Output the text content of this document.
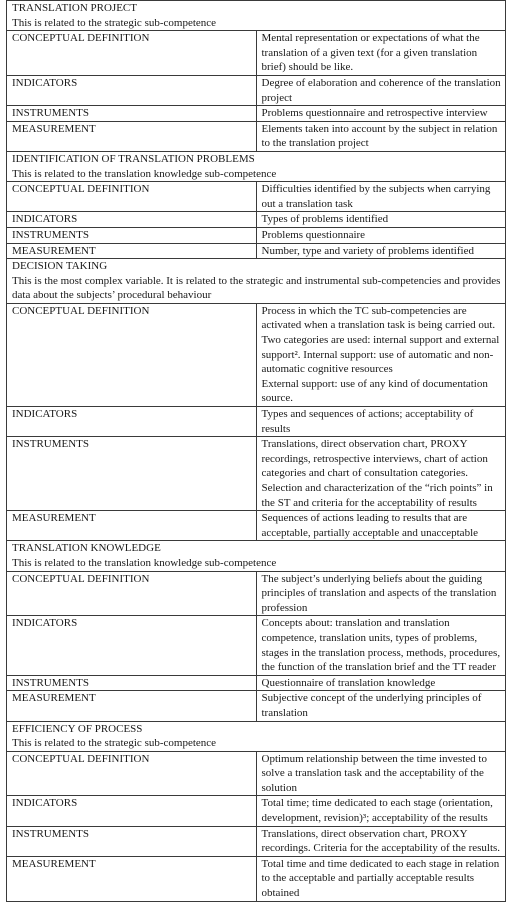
TRANSLATION PROJECT
This is related to the strategic sub-competence	

CONCEPTUAL DEFINITION	Mental representation or expectations of what the translation of a given text (for a given translation brief) should be like.
INDICATORS	Degree of elaboration and coherence of the translation project
INSTRUMENTS	Problems questionnaire and retrospective interview
MEASUREMENT	Elements taken into account by the subject in relation to the translation project

IDENTIFICATION OF TRANSLATION PROBLEMS
This is related to the translation knowledge sub-competence	

CONCEPTUAL DEFINITION	Difficulties identified by the subjects when carrying out a translation task
INDICATORS	Types of problems identified
INSTRUMENTS	Problems questionnaire
MEASUREMENT	Number, type and variety of problems identified

DECISION TAKING
This is the most complex variable. It is related to the strategic and instrumental sub-competencies and provides data about the subjects’ procedural behaviour	

CONCEPTUAL DEFINITION	Process in which the TC sub-competencies are activated when a translation task is being carried out. Two categories are used: internal support and external support². Internal support: use of automatic and non-automatic cognitive resources
External support: use of any kind of documentation source.
INDICATORS	Types and sequences of actions; acceptability of results
INSTRUMENTS	Translations, direct observation chart, PROXY recordings, retrospective interviews, chart of action categories and chart of consultation categories. Selection and characterization of the “rich points” in the ST and criteria for the acceptability of results
MEASUREMENT	Sequences of actions leading to results that are acceptable, partially acceptable and unacceptable

TRANSLATION KNOWLEDGE
This is related to the translation knowledge sub-competence	

CONCEPTUAL DEFINITION	The subject’s underlying beliefs about the guiding principles of translation and aspects of the translation profession
INDICATORS	Concepts about: translation and translation competence, translation units, types of problems, stages in the translation process, methods, procedures, the function of the translation brief and the TT reader
INSTRUMENTS	Questionnaire of translation knowledge
MEASUREMENT	Subjective concept of the underlying principles of translation

EFFICIENCY OF PROCESS
This is related to the strategic sub-competence	

CONCEPTUAL DEFINITION	Optimum relationship between the time invested to solve a translation task and the acceptability of the solution
INDICATORS	Total time; time dedicated to each stage (orientation, development, revision)³; acceptability of the results
INSTRUMENTS	Translations, direct observation chart, PROXY recordings. Criteria for the acceptability of the results.
MEASUREMENT	Total time and time dedicated to each stage in relation to the acceptable and partially acceptable results obtained
